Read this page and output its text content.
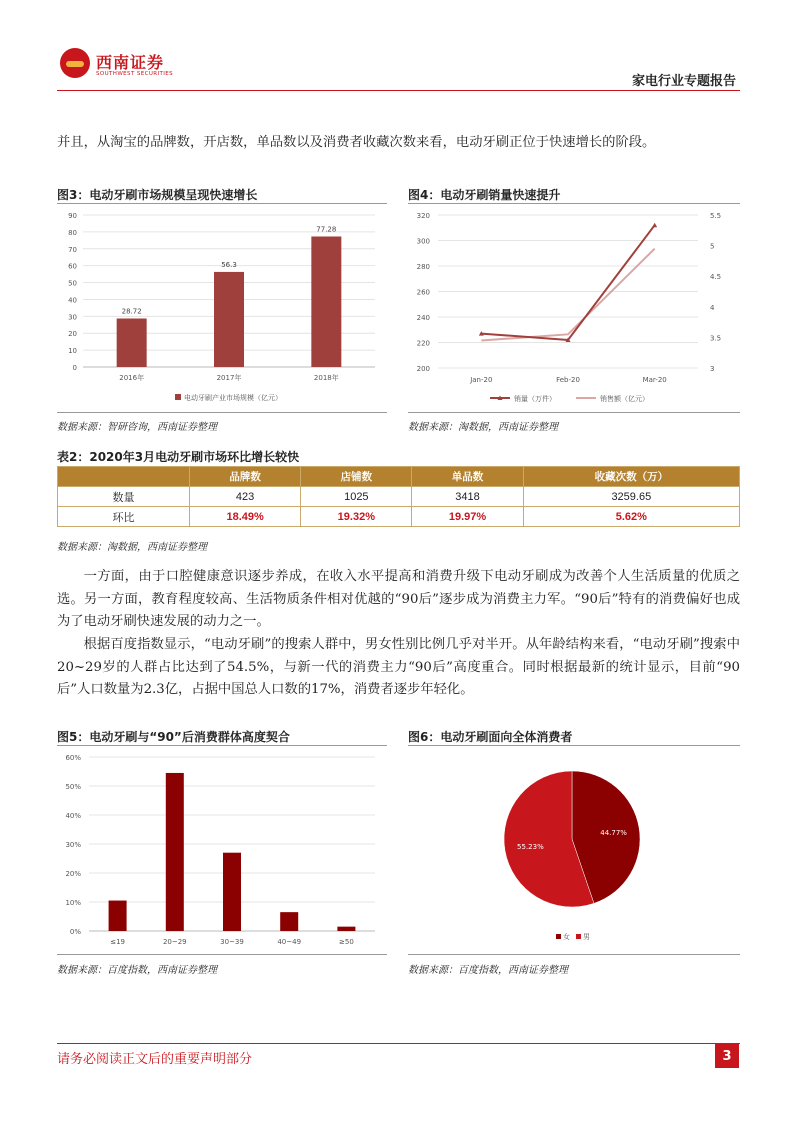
西南证券
SOUTHWEST SECURITIES	家电行业专题报告
并且，从淘宝的品牌数，开店数，单品数以及消费者收藏次数来看，电动牙刷正位于快速增长的阶段。
图3：电动牙刷市场规模呈现快速增长
0
10
20
30
40
50
60
70
80
90
28.72
56.3
77.28
2016年	2017年	2018年
电动牙刷产业市场规模（亿元）
数据来源：智研咨询，西南证券整理
图4：电动牙刷销量快速提升
200
220
240
260
280
300
320
3
3.5
4
4.5
5
5.5
Jan-20	Feb-20	Mar-20
销量（万件）	销售额（亿元）
数据来源：淘数据，西南证券整理
表2：2020年3月电动牙刷市场环比增长较快
	品牌数	店铺数	单品数	收藏次数（万）
数量	423	1025	3418	3259.65
环比	18.49%	19.32%	19.97%	5.62%
数据来源：淘数据，西南证券整理
一方面，由于口腔健康意识逐步养成，在收入水平提高和消费升级下电动牙刷成为改善个人生活质量的优质之选。另一方面，教育程度较高、生活物质条件相对优越的“90后”逐步成为消费主力军。“90后”特有的消费偏好也成为了电动牙刷快速发展的动力之一。
根据百度指数显示，“电动牙刷”的搜索人群中，男女性别比例几乎对半开。从年龄结构来看，“电动牙刷”搜索中20~29岁的人群占比达到了54.5%，与新一代的消费主力“90后”高度重合。同时根据最新的统计显示，目前“90后”人口数量为2.3亿，占据中国总人口数的17%，消费者逐步年轻化。
图5：电动牙刷与“90”后消费群体高度契合
0%
10%
20%
30%
40%
50%
60%
≤19	20~29	30~39	40~49	≥50
数据来源：百度指数，西南证券整理
图6：电动牙刷面向全体消费者
44.77%
55.23%
女 男
数据来源：百度指数，西南证券整理
请务必阅读正文后的重要声明部分	3
